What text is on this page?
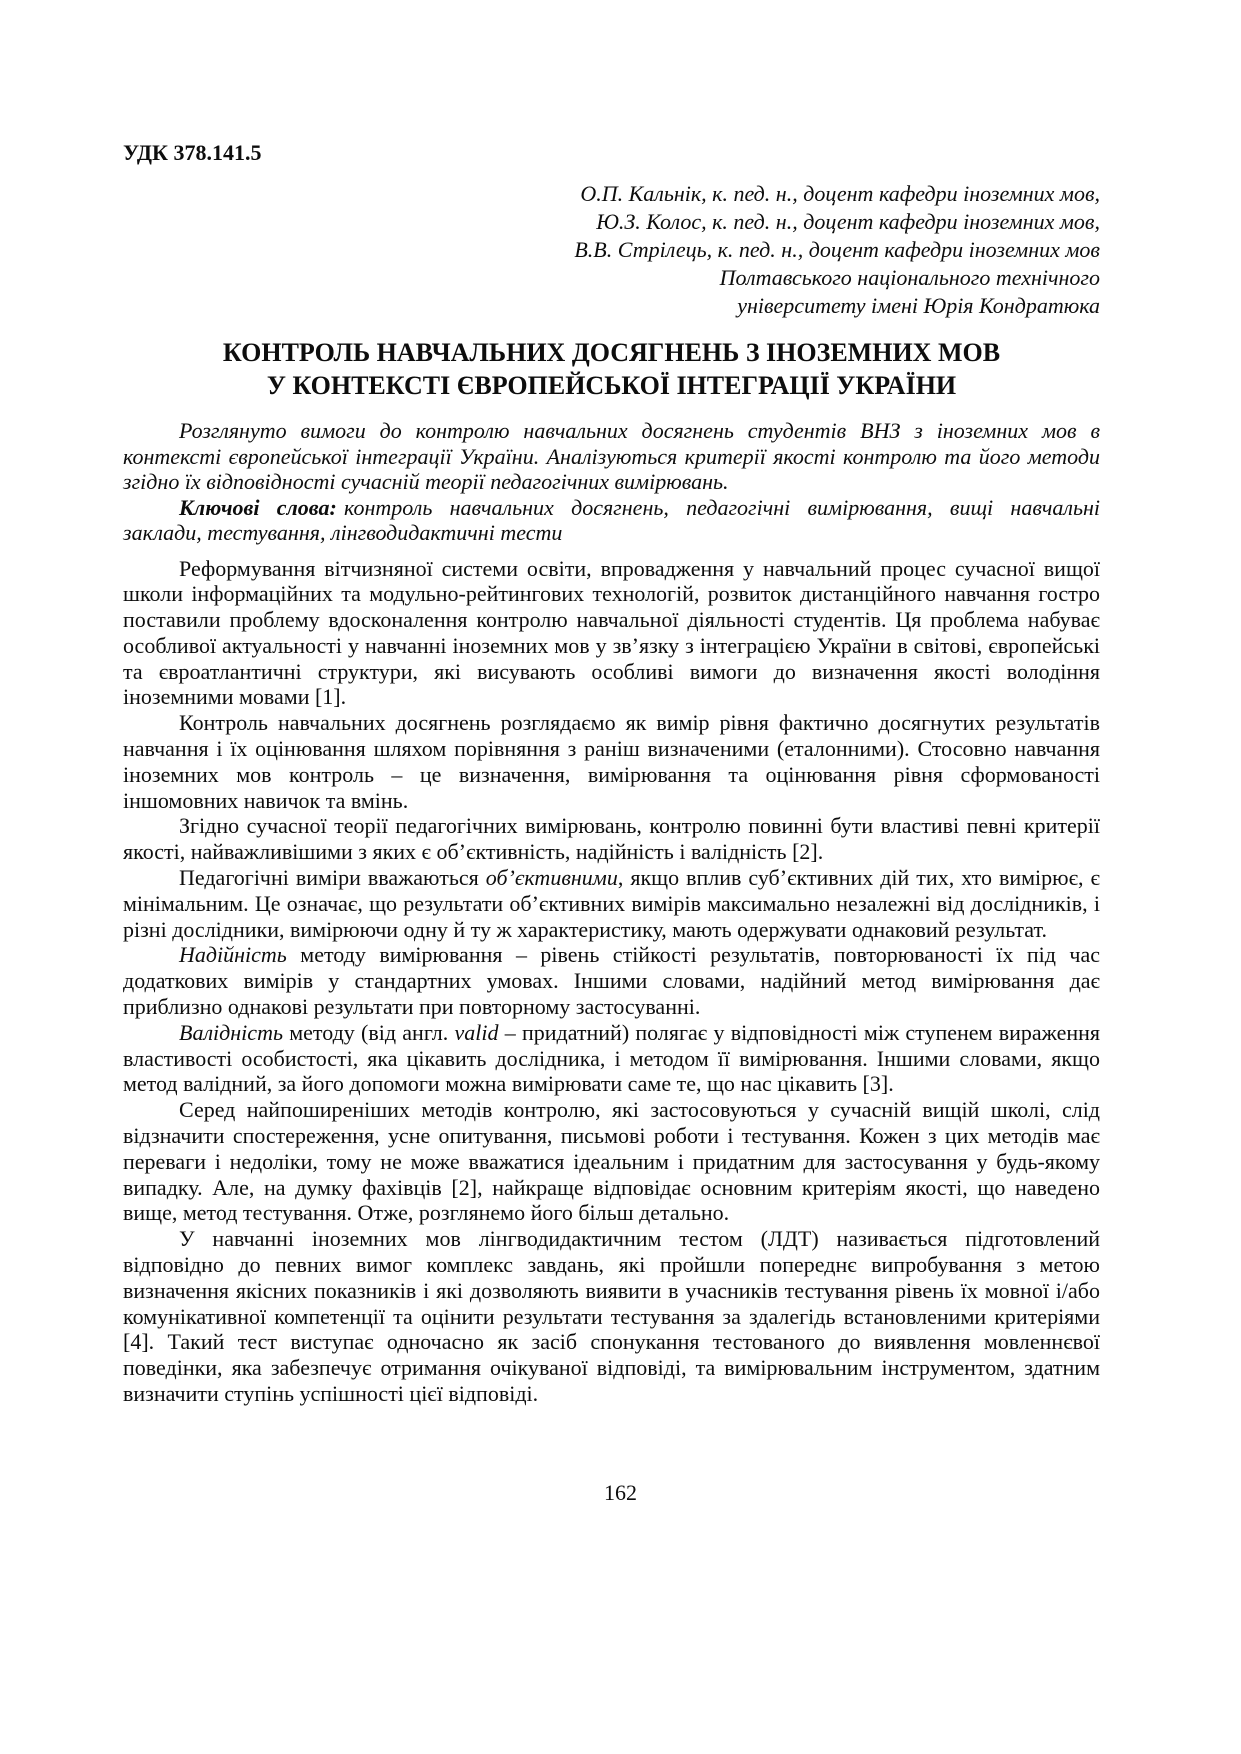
УДК 378.141.5
О.П. Кальнік, к. пед. н., доцент кафедри іноземних мов,
Ю.З. Колос, к. пед. н., доцент кафедри іноземних мов,
В.В. Стрілець, к. пед. н., доцент кафедри іноземних мов
Полтавського національного технічного
університету імені Юрія Кондратюка
КОНТРОЛЬ НАВЧАЛЬНИХ ДОСЯГНЕНЬ З ІНОЗЕМНИХ МОВ
У КОНТЕКСТІ ЄВРОПЕЙСЬКОЇ ІНТЕГРАЦІЇ УКРАЇНИ

Розглянуто вимоги до контролю навчальних досягнень студентів ВНЗ з іноземних мов в контексті європейської інтеграції України. Аналізуються критерії якості контролю та його методи згідно їх відповідності сучасній теорії педагогічних вимірювань.

Ключові слова: контроль навчальних досягнень, педагогічні вимірювання, вищі навчальні заклади, тестування, лінгводидактичні тести

Реформування вітчизняної системи освіти, впровадження у навчальний процес сучасної вищої школи інформаційних та модульно-рейтингових технологій, розвиток дистанційного навчання гостро поставили проблему вдосконалення контролю навчальної діяльності студентів. Ця проблема набуває особливої актуальності у навчанні іноземних мов у зв’язку з інтеграцією України в світові, європейські та євроатлантичні структури, які висувають особливі вимоги до визначення якості володіння іноземними мовами [1].

Контроль навчальних досягнень розглядаємо як вимір рівня фактично досягнутих результатів навчання і їх оцінювання шляхом порівняння з раніш визначеними (еталонними). Стосовно навчання іноземних мов контроль – це визначення, вимірювання та оцінювання рівня сформованості іншомовних навичок та вмінь.

Згідно сучасної теорії педагогічних вимірювань, контролю повинні бути властиві певні критерії якості, найважливішими з яких є об’єктивність, надійність і валідність [2].

Педагогічні виміри вважаються об’єктивними, якщо вплив суб’єктивних дій тих, хто вимірює, є мінімальним. Це означає, що результати об’єктивних вимірів максимально незалежні від дослідників, і різні дослідники, вимірюючи одну й ту ж характеристику, мають одержувати однаковий результат.

Надійність методу вимірювання – рівень стійкості результатів, повторюваності їх під час додаткових вимірів у стандартних умовах. Іншими словами, надійний метод вимірювання дає приблизно однакові результати при повторному застосуванні.

Валідність методу (від англ. valid – придатний) полягає у відповідності між ступенем вираження властивості особистості, яка цікавить дослідника, і методом її вимірювання. Іншими словами, якщо метод валідний, за його допомоги можна вимірювати саме те, що нас цікавить [3].

Серед найпоширеніших методів контролю, які застосовуються у сучасній вищій школі, слід відзначити спостереження, усне опитування, письмові роботи і тестування. Кожен з цих методів має переваги і недоліки, тому не може вважатися ідеальним і придатним для застосування у будь-якому випадку. Але, на думку фахівців [2], найкраще відповідає основним критеріям якості, що наведено вище, метод тестування. Отже, розглянемо його більш детально.

У навчанні іноземних мов лінгводидактичним тестом (ЛДТ) називається підготовлений відповідно до певних вимог комплекс завдань, які пройшли попереднє випробування з метою визначення якісних показників і які дозволяють виявити в учасників тестування рівень їх мовної і/або комунікативної компетенції та оцінити результати тестування за здалегідь встановленими критеріями [4]. Такий тест виступає одночасно як засіб спонукання тестованого до виявлення мовленнєвої поведінки, яка забезпечує отримання очікуваної відповіді, та вимірювальним інструментом, здатним визначити ступінь успішності цієї відповіді.

162
